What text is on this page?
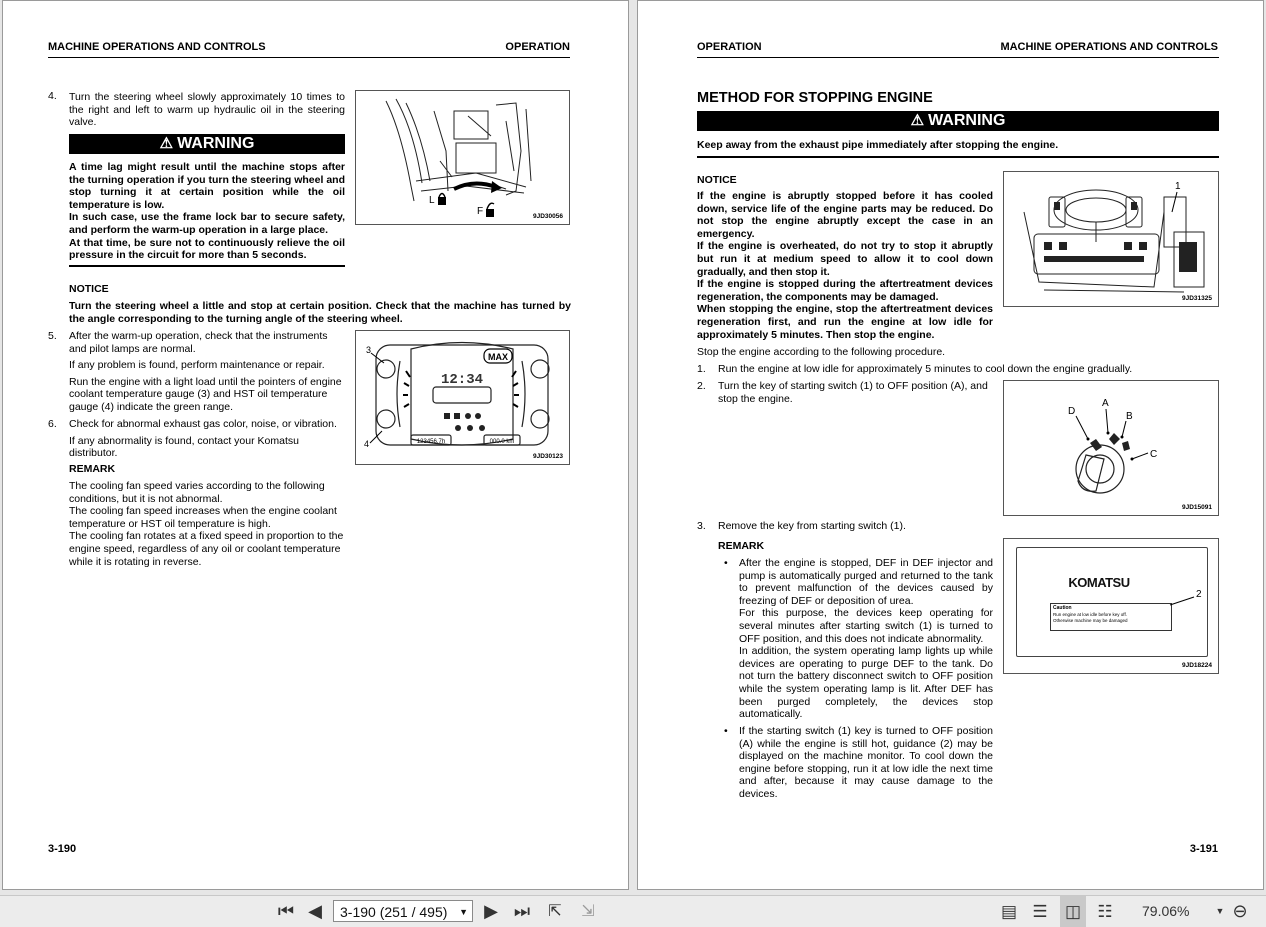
MACHINE OPERATIONS AND CONTROLS	OPERATION
4. Turn the steering wheel slowly approximately 10 times to the right and left to warm up hydraulic oil in the steering valve.
⚠ WARNING
A time lag might result until the machine stops after the turning operation if you turn the steering wheel and stop turning it at certain position while the oil temperature is low.
In such case, use the frame lock bar to secure safety, and perform the warm-up operation in a large place.
At that time, be sure not to continuously relieve the oil pressure in the circuit for more than 5 seconds.
NOTICE
Turn the steering wheel a little and stop at certain position. Check that the machine has turned by the angle corresponding to the turning angle of the steering wheel.
5. After the warm-up operation, check that the instruments and pilot lamps are normal.
If any problem is found, perform maintenance or repair.
Run the engine with a light load until the pointers of engine coolant temperature gauge (3) and HST oil temperature gauge (4) indicate the green range.
6. Check for abnormal exhaust gas color, noise, or vibration.
If any abnormality is found, contact your Komatsu distributor.
REMARK
The cooling fan speed varies according to the following conditions, but it is not abnormal.
The cooling fan speed increases when the engine coolant temperature or HST oil temperature is high.
The cooling fan rotates at a fixed speed in proportion to the engine speed, regardless of any oil or coolant temperature while it is rotating in reverse.
L
F	9JD30056
MAX
12:34
123456.7h	000.0 km
3
4
9JD30123
3-190
OPERATION	MACHINE OPERATIONS AND CONTROLS
METHOD FOR STOPPING ENGINE
⚠ WARNING
Keep away from the exhaust pipe immediately after stopping the engine.
NOTICE
If the engine is abruptly stopped before it has cooled down, service life of the engine parts may be reduced. Do not stop the engine abruptly except the case in an emergency.
If the engine is overheated, do not try to stop it abruptly but run it at medium speed to allow it to cool down gradually, and then stop it.
If the engine is stopped during the aftertreatment devices regeneration, the components may be damaged.
When stopping the engine, stop the aftertreatment devices regeneration first, and run the engine at low idle for approximately 5 minutes. Then stop the engine.
Stop the engine according to the following procedure.
1. Run the engine at low idle for approximately 5 minutes to cool down the engine gradually.
2. Turn the key of starting switch (1) to OFF position (A), and stop the engine.
3. Remove the key from starting switch (1).
REMARK
• After the engine is stopped, DEF in DEF injector and pump is automatically purged and returned to the tank to prevent malfunction of the devices caused by freezing of DEF or deposition of urea.
For this purpose, the devices keep operating for several minutes after starting switch (1) is turned to OFF position, and this does not indicate abnormality.
In addition, the system operating lamp lights up while devices are operating to purge DEF to the tank. Do not turn the battery disconnect switch to OFF position while the system operating lamp is lit. After DEF has been purged completely, the devices stop automatically.
• If the starting switch (1) key is turned to OFF position (A) while the engine is still hot, guidance (2) may be displayed on the machine monitor. To cool down the engine before stopping, run it at low idle the next time and after, because it may cause damage to the devices.
1
9JD31325
D
A
B
C
9JD15091
KOMATSU
Caution
Run engine at low idle before key off.
Otherwise machine may be damaged
2
9JD18224
3-191
⏮ ◀	3-190 (251 / 495) ▼ ▶ ⏭	⇱	⇲	▤ ☰ ◫ ☷ 79.06%	▼ ⊖
